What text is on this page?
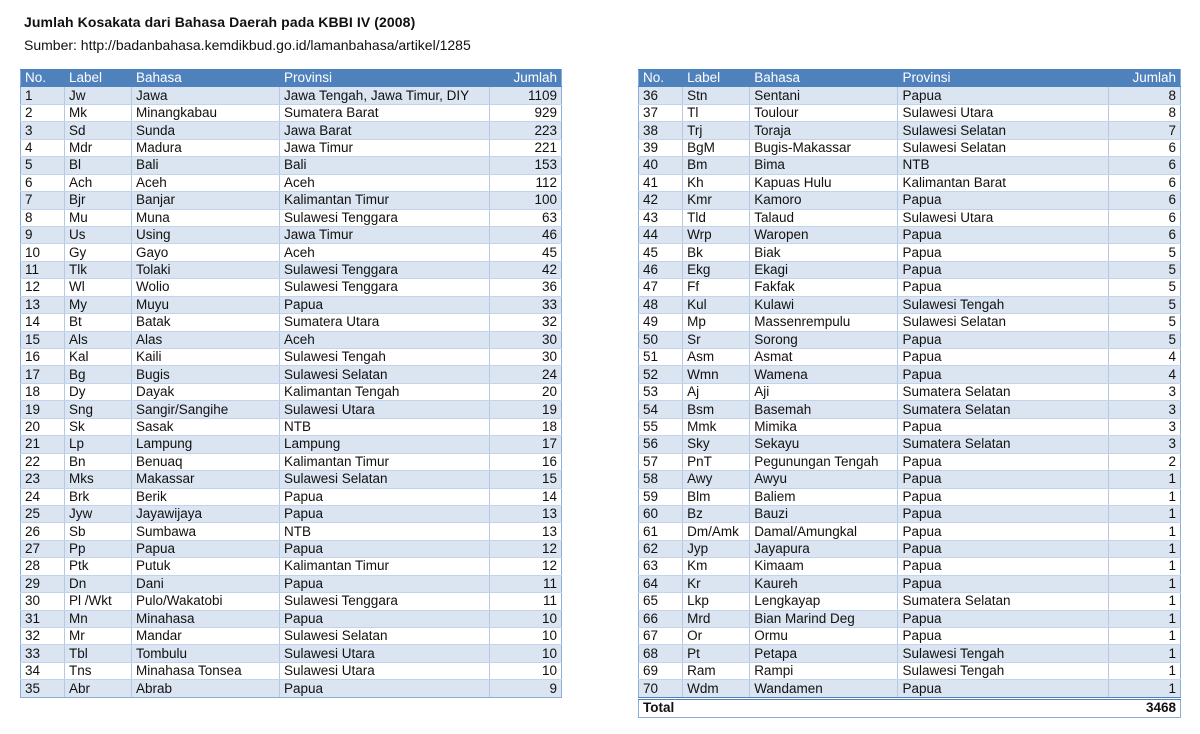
Jumlah Kosakata dari Bahasa Daerah pada KBBI IV (2008)
Sumber: http://badanbahasa.kemdikbud.go.id/lamanbahasa/artikel/1285
No.	Label	Bahasa	Provinsi	Jumlah
1	Jw	Jawa	Jawa Tengah, Jawa Timur, DIY	1109
2	Mk	Minangkabau	Sumatera Barat	929
3	Sd	Sunda	Jawa Barat	223
4	Mdr	Madura	Jawa Timur	221
5	Bl	Bali	Bali	153
6	Ach	Aceh	Aceh	112
7	Bjr	Banjar	Kalimantan Timur	100
8	Mu	Muna	Sulawesi Tenggara	63
9	Us	Using	Jawa Timur	46
10	Gy	Gayo	Aceh	45
11	Tlk	Tolaki	Sulawesi Tenggara	42
12	Wl	Wolio	Sulawesi Tenggara	36
13	My	Muyu	Papua	33
14	Bt	Batak	Sumatera Utara	32
15	Als	Alas	Aceh	30
16	Kal	Kaili	Sulawesi Tengah	30
17	Bg	Bugis	Sulawesi Selatan	24
18	Dy	Dayak	Kalimantan Tengah	20
19	Sng	Sangir/Sangihe	Sulawesi Utara	19
20	Sk	Sasak	NTB	18
21	Lp	Lampung	Lampung	17
22	Bn	Benuaq	Kalimantan Timur	16
23	Mks	Makassar	Sulawesi Selatan	15
24	Brk	Berik	Papua	14
25	Jyw	Jayawijaya	Papua	13
26	Sb	Sumbawa	NTB	13
27	Pp	Papua	Papua	12
28	Ptk	Putuk	Kalimantan Timur	12
29	Dn	Dani	Papua	11
30	Pl /Wkt	Pulo/Wakatobi	Sulawesi Tenggara	11
31	Mn	Minahasa	Papua	10
32	Mr	Mandar	Sulawesi Selatan	10
33	Tbl	Tombulu	Sulawesi Utara	10
34	Tns	Minahasa Tonsea	Sulawesi Utara	10
35	Abr	Abrab	Papua	9
No.	Label	Bahasa	Provinsi	Jumlah
36	Stn	Sentani	Papua	8
37	Tl	Toulour	Sulawesi Utara	8
38	Trj	Toraja	Sulawesi Selatan	7
39	BgM	Bugis-Makassar	Sulawesi Selatan	6
40	Bm	Bima	NTB	6
41	Kh	Kapuas Hulu	Kalimantan Barat	6
42	Kmr	Kamoro	Papua	6
43	Tld	Talaud	Sulawesi Utara	6
44	Wrp	Waropen	Papua	6
45	Bk	Biak	Papua	5
46	Ekg	Ekagi	Papua	5
47	Ff	Fakfak	Papua	5
48	Kul	Kulawi	Sulawesi Tengah	5
49	Mp	Massenrempulu	Sulawesi Selatan	5
50	Sr	Sorong	Papua	5
51	Asm	Asmat	Papua	4
52	Wmn	Wamena	Papua	4
53	Aj	Aji	Sumatera Selatan	3
54	Bsm	Basemah	Sumatera Selatan	3
55	Mmk	Mimika	Papua	3
56	Sky	Sekayu	Sumatera Selatan	3
57	PnT	Pegunungan Tengah	Papua	2
58	Awy	Awyu	Papua	1
59	Blm	Baliem	Papua	1
60	Bz	Bauzi	Papua	1
61	Dm/Amk	Damal/Amungkal	Papua	1
62	Jyp	Jayapura	Papua	1
63	Km	Kimaam	Papua	1
64	Kr	Kaureh	Papua	1
65	Lkp	Lengkayap	Sumatera Selatan	1
66	Mrd	Bian Marind Deg	Papua	1
67	Or	Ormu	Papua	1
68	Pt	Petapa	Sulawesi Tengah	1
69	Ram	Rampi	Sulawesi Tengah	1
70	Wdm	Wandamen	Papua	1
Total				3468
